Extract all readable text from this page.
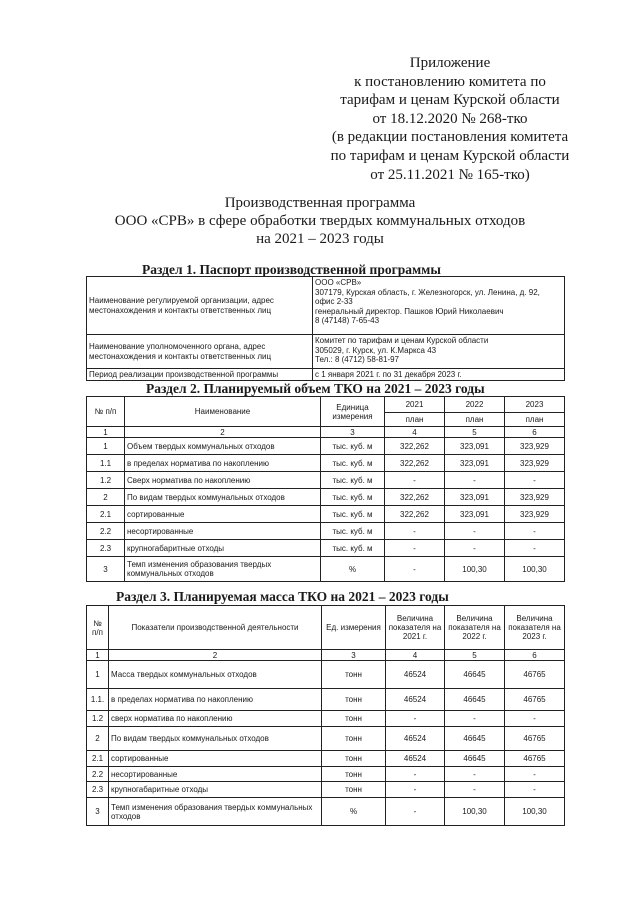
Приложение
к постановлению комитета по
тарифам и ценам Курской области
от 18.12.2020 № 268-тко
(в редакции постановления комитета
по тарифам и ценам Курской области
от 25.11.2021 № 165-тко)
Производственная программа
ООО «СРВ» в сфере обработки твердых коммунальных отходов
на 2021 – 2023 годы
Раздел 1. Паспорт производственной программы
Наименование регулируемой организации, адрес местонахождения и контакты ответственных лиц	ООО «СРВ»
307179, Курская область, г. Железногорск, ул. Ленина, д. 92,
офис 2-33
генеральный директор. Пашков Юрий Николаевич
8 (47148) 7-65-43

Наименование уполномоченного органа, адрес местонахождения и контакты ответственных лиц	Комитет по тарифам и ценам Курской области
305029, г. Курск, ул. К.Маркса 43
Тел.: 8 (4712) 58-81-97

Период реализации производственной программы	с 1 января 2021 г. по 31 декабря 2023 г.
Раздел 2. Планируемый объем ТКО на 2021 – 2023 годы
№ п/п	Наименование	Единица измерения	2021	2022	2023
			план	план	план
1	2	3	4	5	6
1	Объем твердых коммунальных отходов	тыс. куб. м	322,262	323,091	323,929
1.1	в пределах норматива по накоплению	тыс. куб. м	322,262	323,091	323,929
1.2	Сверх норматива по накоплению	тыс. куб. м	-	-	-
2	По видам твердых коммунальных отходов	тыс. куб. м	322,262	323,091	323,929
2.1	сортированные	тыс. куб. м	322,262	323,091	323,929
2.2	несортированные	тыс. куб. м	-	-	-
2.3	крупногабаритные отходы	тыс. куб. м	-	-	-
3	Темп изменения образования твердых коммунальных отходов	%	-	100,30	100,30
Раздел 3. Планируемая масса ТКО на 2021 – 2023 годы
№ п/п	Показатели производственной деятельности	Ед. измерения	Величина показателя на 2021 г.	Величина показателя на 2022 г.	Величина показателя на 2023 г.
1	2	3	4	5	6
1	Масса твердых коммунальных отходов	тонн	46524	46645	46765
1.1.	в пределах норматива по накоплению	тонн	46524	46645	46765
1.2	сверх норматива по накоплению	тонн	-	-	-
2	По видам твердых коммунальных отходов	тонн	46524	46645	46765
2.1	сортированные	тонн	46524	46645	46765
2.2	несортированные	тонн	-	-	-
2.3	крупногабаритные отходы	тонн	-	-	-
3	Темп изменения образования твердых коммунальных отходов	%	-	100,30	100,30
